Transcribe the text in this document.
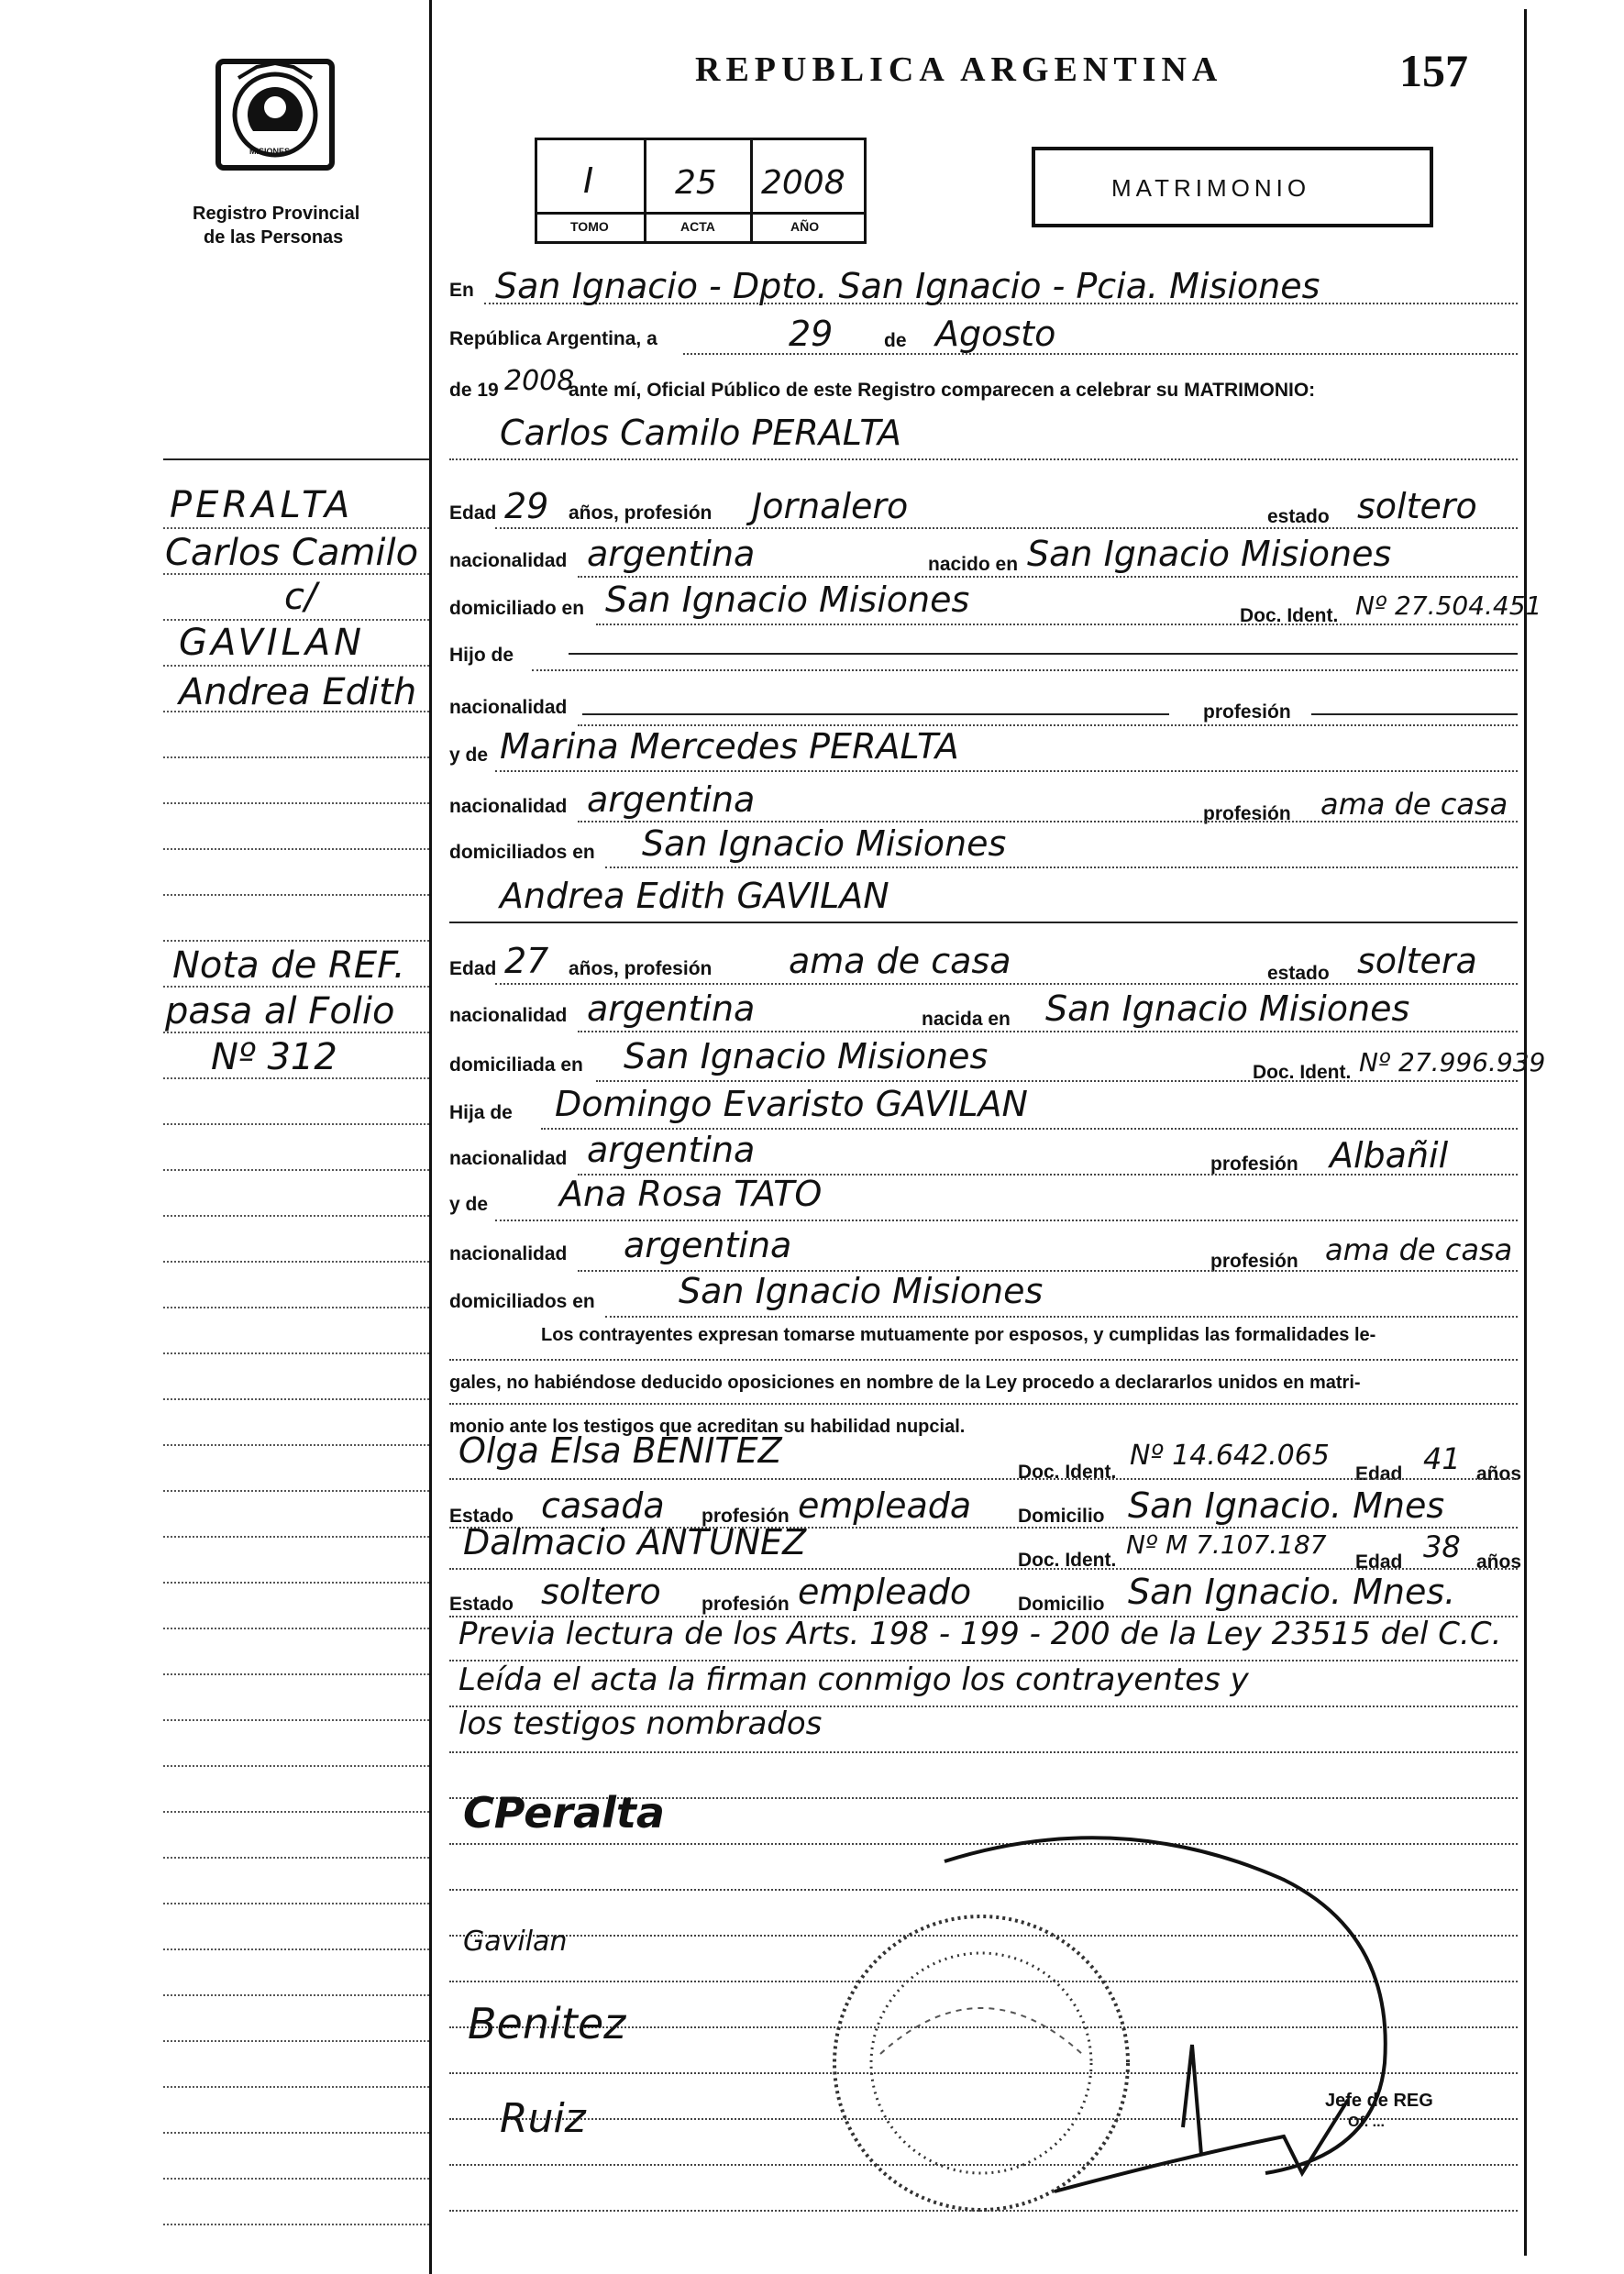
MISIONES
Registro Provincial
de las Personas
REPUBLICA ARGENTINA	157
I 25 2008
TOMO	ACTA	AÑO
MATRIMONIO
PERALTA
Carlos Camilo
c/
GAVILAN
Andrea Edith
Nota de REF.
pasa al Folio
Nº 312
En San Ignacio - Dpto. San Ignacio - Pcia. Misiones
República Argentina, a	29	de Agosto
de 19 2008
ante mí, Oficial Público de este Registro comparecen a celebrar su MATRIMONIO:
Carlos Camilo PERALTA
Edad 29 años, profesión Jornalero	estado soltero
nacionalidad argentina	nacido en San Ignacio Misiones
domiciliado en San Ignacio Misiones	Doc. Ident. Nº 27.504.451
Hijo de
nacionalidad	profesión
y de Marina Mercedes PERALTA
nacionalidad argentina	profesión ama de casa
domiciliados en San Ignacio Misiones
Andrea Edith GAVILAN
Edad 27 años, profesión ama de casa	estado soltera
nacionalidad argentina	nacida en San Ignacio Misiones
domiciliada en San Ignacio Misiones	Doc. Ident. Nº 27.996.939
Hija de Domingo Evaristo GAVILAN
nacionalidad argentina	profesión Albañil
y de Ana Rosa TATO
nacionalidad argentina	profesión ama de casa
domiciliados en San Ignacio Misiones
Los contrayentes expresan tomarse mutuamente por esposos, y cumplidas las formalidades le-
gales, no habiéndose deducido oposiciones en nombre de la Ley procedo a declararlos unidos en matri-
monio ante los testigos que acreditan su habilidad nupcial.
Olga Elsa BENITEZ
Doc. Ident.
Nº 14.642.065
Edad 41 años
Estado casada profesión empleada Domicilio San Ignacio. Mnes
Dalmacio ANTUNEZ	Doc. Ident.
Nº M 7.107.187
Edad 38 años
Estado soltero profesión empleado Domicilio San Ignacio. Mnes.
Previa lectura de los Arts. 198 - 199 - 200 de la Ley 23515 del C.C.
Leída el acta la firman conmigo los contrayentes y
los testigos nombrados
CPeralta
Gavilan
Benitez
Ruiz	Jefe de REG
Of. ...
